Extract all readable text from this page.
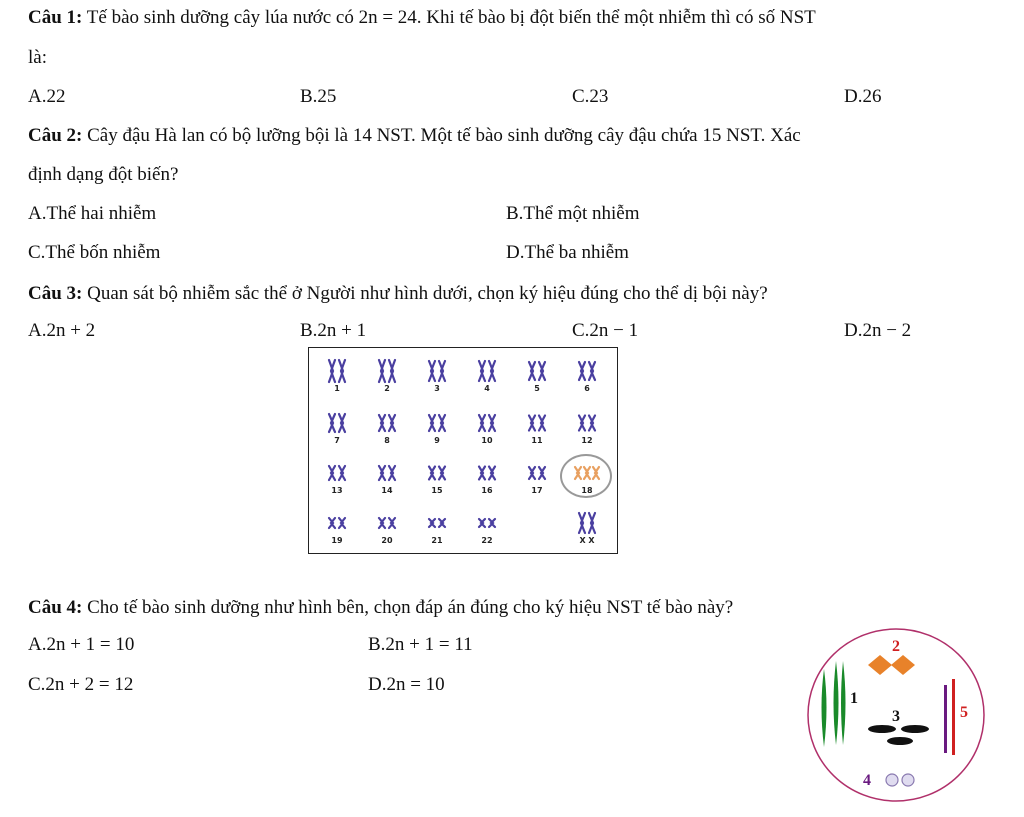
Câu 1: Tế bào sinh dưỡng cây lúa nước có 2n = 24. Khi tế bào bị đột biến thể một nhiễm thì có số NST
là:
A.22	B.25	C.23	D.26
Câu 2: Cây đậu Hà lan có bộ lưỡng bội là 14 NST. Một tế bào sinh dưỡng cây đậu chứa 15 NST. Xác
định dạng đột biến?
A.Thể hai nhiễm	B.Thể một nhiễm
C.Thể bốn nhiễm	D.Thể ba nhiễm
Câu 3: Quan sát bộ nhiễm sắc thể ở Người như hình dưới, chọn ký hiệu đúng cho thể dị bội này?
A.2n + 2	B.2n + 1	C.2n − 1	D.2n − 2
1	2	3	4	5	6
7	8	9	10	11	12
13	14	15	16	17	18
19	20	21	22	X X
Câu 4: Cho tế bào sinh dưỡng như hình bên, chọn đáp án đúng cho ký hiệu NST tế bào này?
A.2n + 1 = 10	B.2n + 1 = 11
C.2n + 2 = 12	D.2n = 10
1
2
3
4
5
